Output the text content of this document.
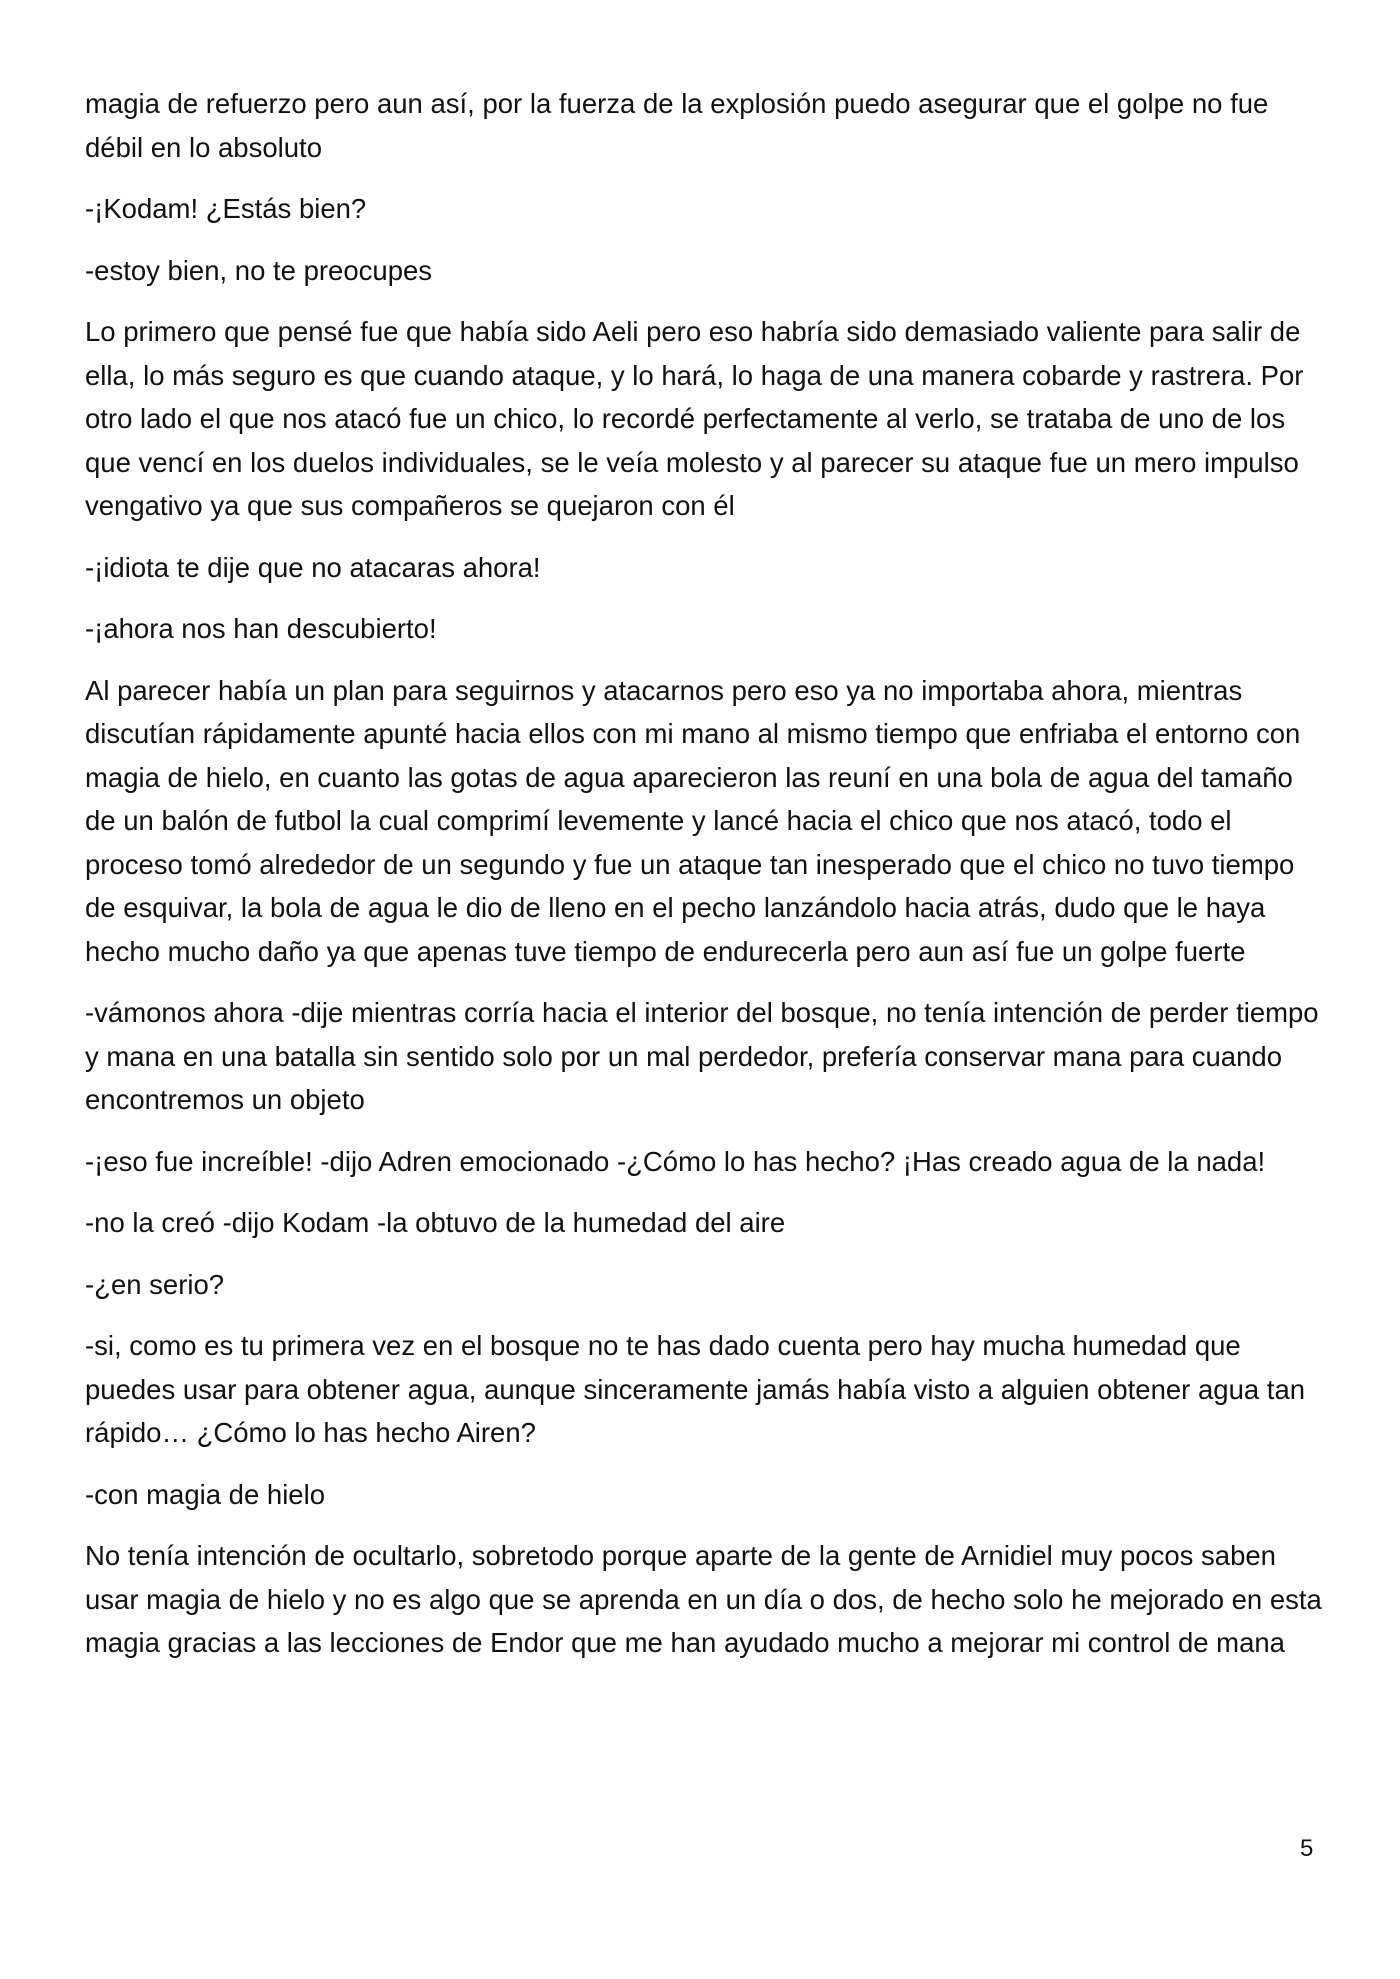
magia de refuerzo pero aun así, por la fuerza de la explosión puedo asegurar que el golpe no fue débil en lo absoluto

-¡Kodam! ¿Estás bien?

-estoy bien, no te preocupes

Lo primero que pensé fue que había sido Aeli pero eso habría sido demasiado valiente para salir de ella, lo más seguro es que cuando ataque, y lo hará, lo haga de una manera cobarde y rastrera. Por otro lado el que nos atacó fue un chico, lo recordé perfectamente al verlo, se trataba de uno de los que vencí en los duelos individuales, se le veía molesto y al parecer su ataque fue un mero impulso vengativo ya que sus compañeros se quejaron con él

-¡idiota te dije que no atacaras ahora!

-¡ahora nos han descubierto!

Al parecer había un plan para seguirnos y atacarnos pero eso ya no importaba ahora, mientras discutían rápidamente apunté hacia ellos con mi mano al mismo tiempo que enfriaba el entorno con magia de hielo, en cuanto las gotas de agua aparecieron las reuní en una bola de agua del tamaño de un balón de futbol la cual comprimí levemente y lancé hacia el chico que nos atacó, todo el proceso tomó alrededor de un segundo y fue un ataque tan inesperado que el chico no tuvo tiempo de esquivar, la bola de agua le dio de lleno en el pecho lanzándolo hacia atrás, dudo que le haya hecho mucho daño ya que apenas tuve tiempo de endurecerla pero aun así fue un golpe fuerte

-vámonos ahora -dije mientras corría hacia el interior del bosque, no tenía intención de perder tiempo y mana en una batalla sin sentido solo por un mal perdedor, prefería conservar mana para cuando encontremos un objeto

-¡eso fue increíble! -dijo Adren emocionado -¿Cómo lo has hecho? ¡Has creado agua de la nada!

-no la creó -dijo Kodam -la obtuvo de la humedad del aire

-¿en serio?

-si, como es tu primera vez en el bosque no te has dado cuenta pero hay mucha humedad que puedes usar para obtener agua, aunque sinceramente jamás había visto a alguien obtener agua tan rápido… ¿Cómo lo has hecho Airen?

-con magia de hielo

No tenía intención de ocultarlo, sobretodo porque aparte de la gente de Arnidiel muy pocos saben usar magia de hielo y no es algo que se aprenda en un día o dos, de hecho solo he mejorado en esta magia gracias a las lecciones de Endor que me han ayudado mucho a mejorar mi control de mana

5
